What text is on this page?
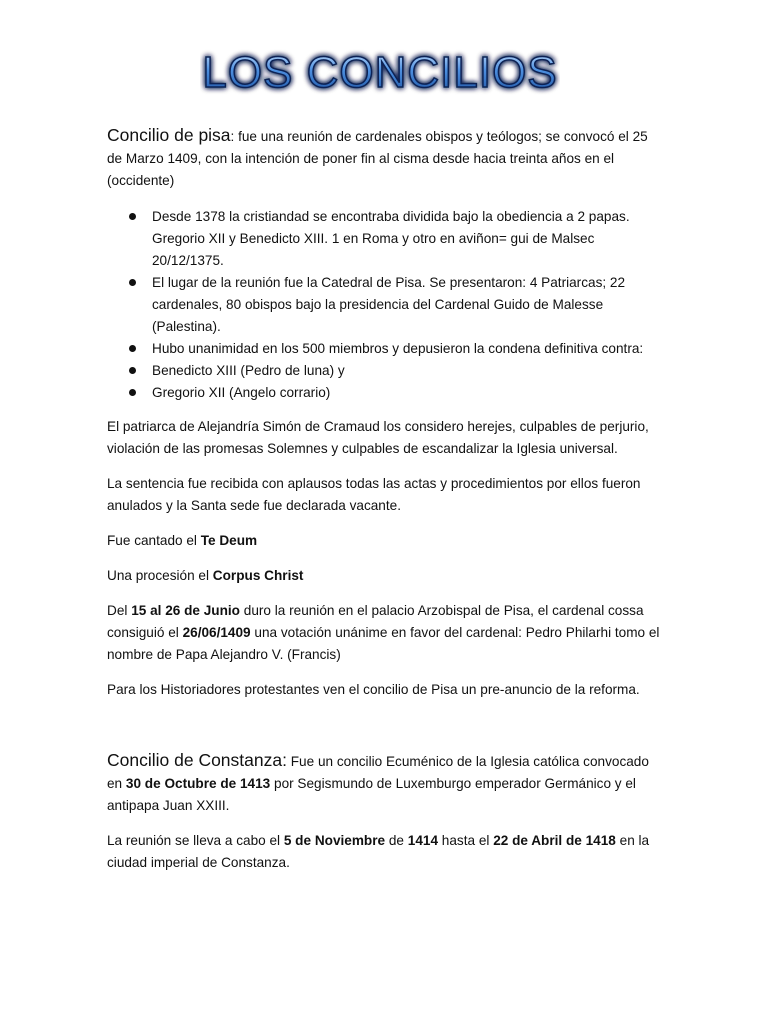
LOS CONCILIOS

Concilio de pisa: fue una reunión de cardenales obispos y teólogos; se convocó el 25 de Marzo 1409, con la intención de poner fin al cisma desde hacia treinta años en el (occidente)

Desde 1378 la cristiandad se encontraba dividida bajo la obediencia a 2 papas. Gregorio XII y Benedicto XIII. 1 en Roma y otro en aviñon= gui de Malsec 20/12/1375.
El lugar de la reunión fue la Catedral de Pisa. Se presentaron: 4 Patriarcas; 22 cardenales, 80 obispos bajo la presidencia del Cardenal Guido de Malesse (Palestina).
Hubo unanimidad en los 500 miembros y depusieron la condena definitiva contra:
Benedicto XIII (Pedro de luna) y
Gregorio XII (Angelo corrario)

El patriarca de Alejandría Simón de Cramaud los considero herejes, culpables de perjurio, violación de las promesas Solemnes y culpables de escandalizar la Iglesia universal.

La sentencia fue recibida con aplausos todas las actas y procedimientos por ellos fueron anulados y la Santa sede fue declarada vacante.

Fue cantado el Te Deum

Una procesión el Corpus Christ

Del 15 al 26 de Junio duro la reunión en el palacio Arzobispal de Pisa, el cardenal cossa consiguió el 26/06/1409 una votación unánime en favor del cardenal: Pedro Philarhi tomo el nombre de Papa Alejandro V. (Francis)

Para los Historiadores protestantes ven el concilio de Pisa un pre-anuncio de la reforma.

Concilio de Constanza: Fue un concilio Ecuménico de la Iglesia católica convocado en 30 de Octubre de 1413 por Segismundo de Luxemburgo emperador Germánico y el antipapa Juan XXIII.

La reunión se lleva a cabo el 5 de Noviembre de 1414 hasta el 22 de Abril de 1418 en la ciudad imperial de Constanza.
